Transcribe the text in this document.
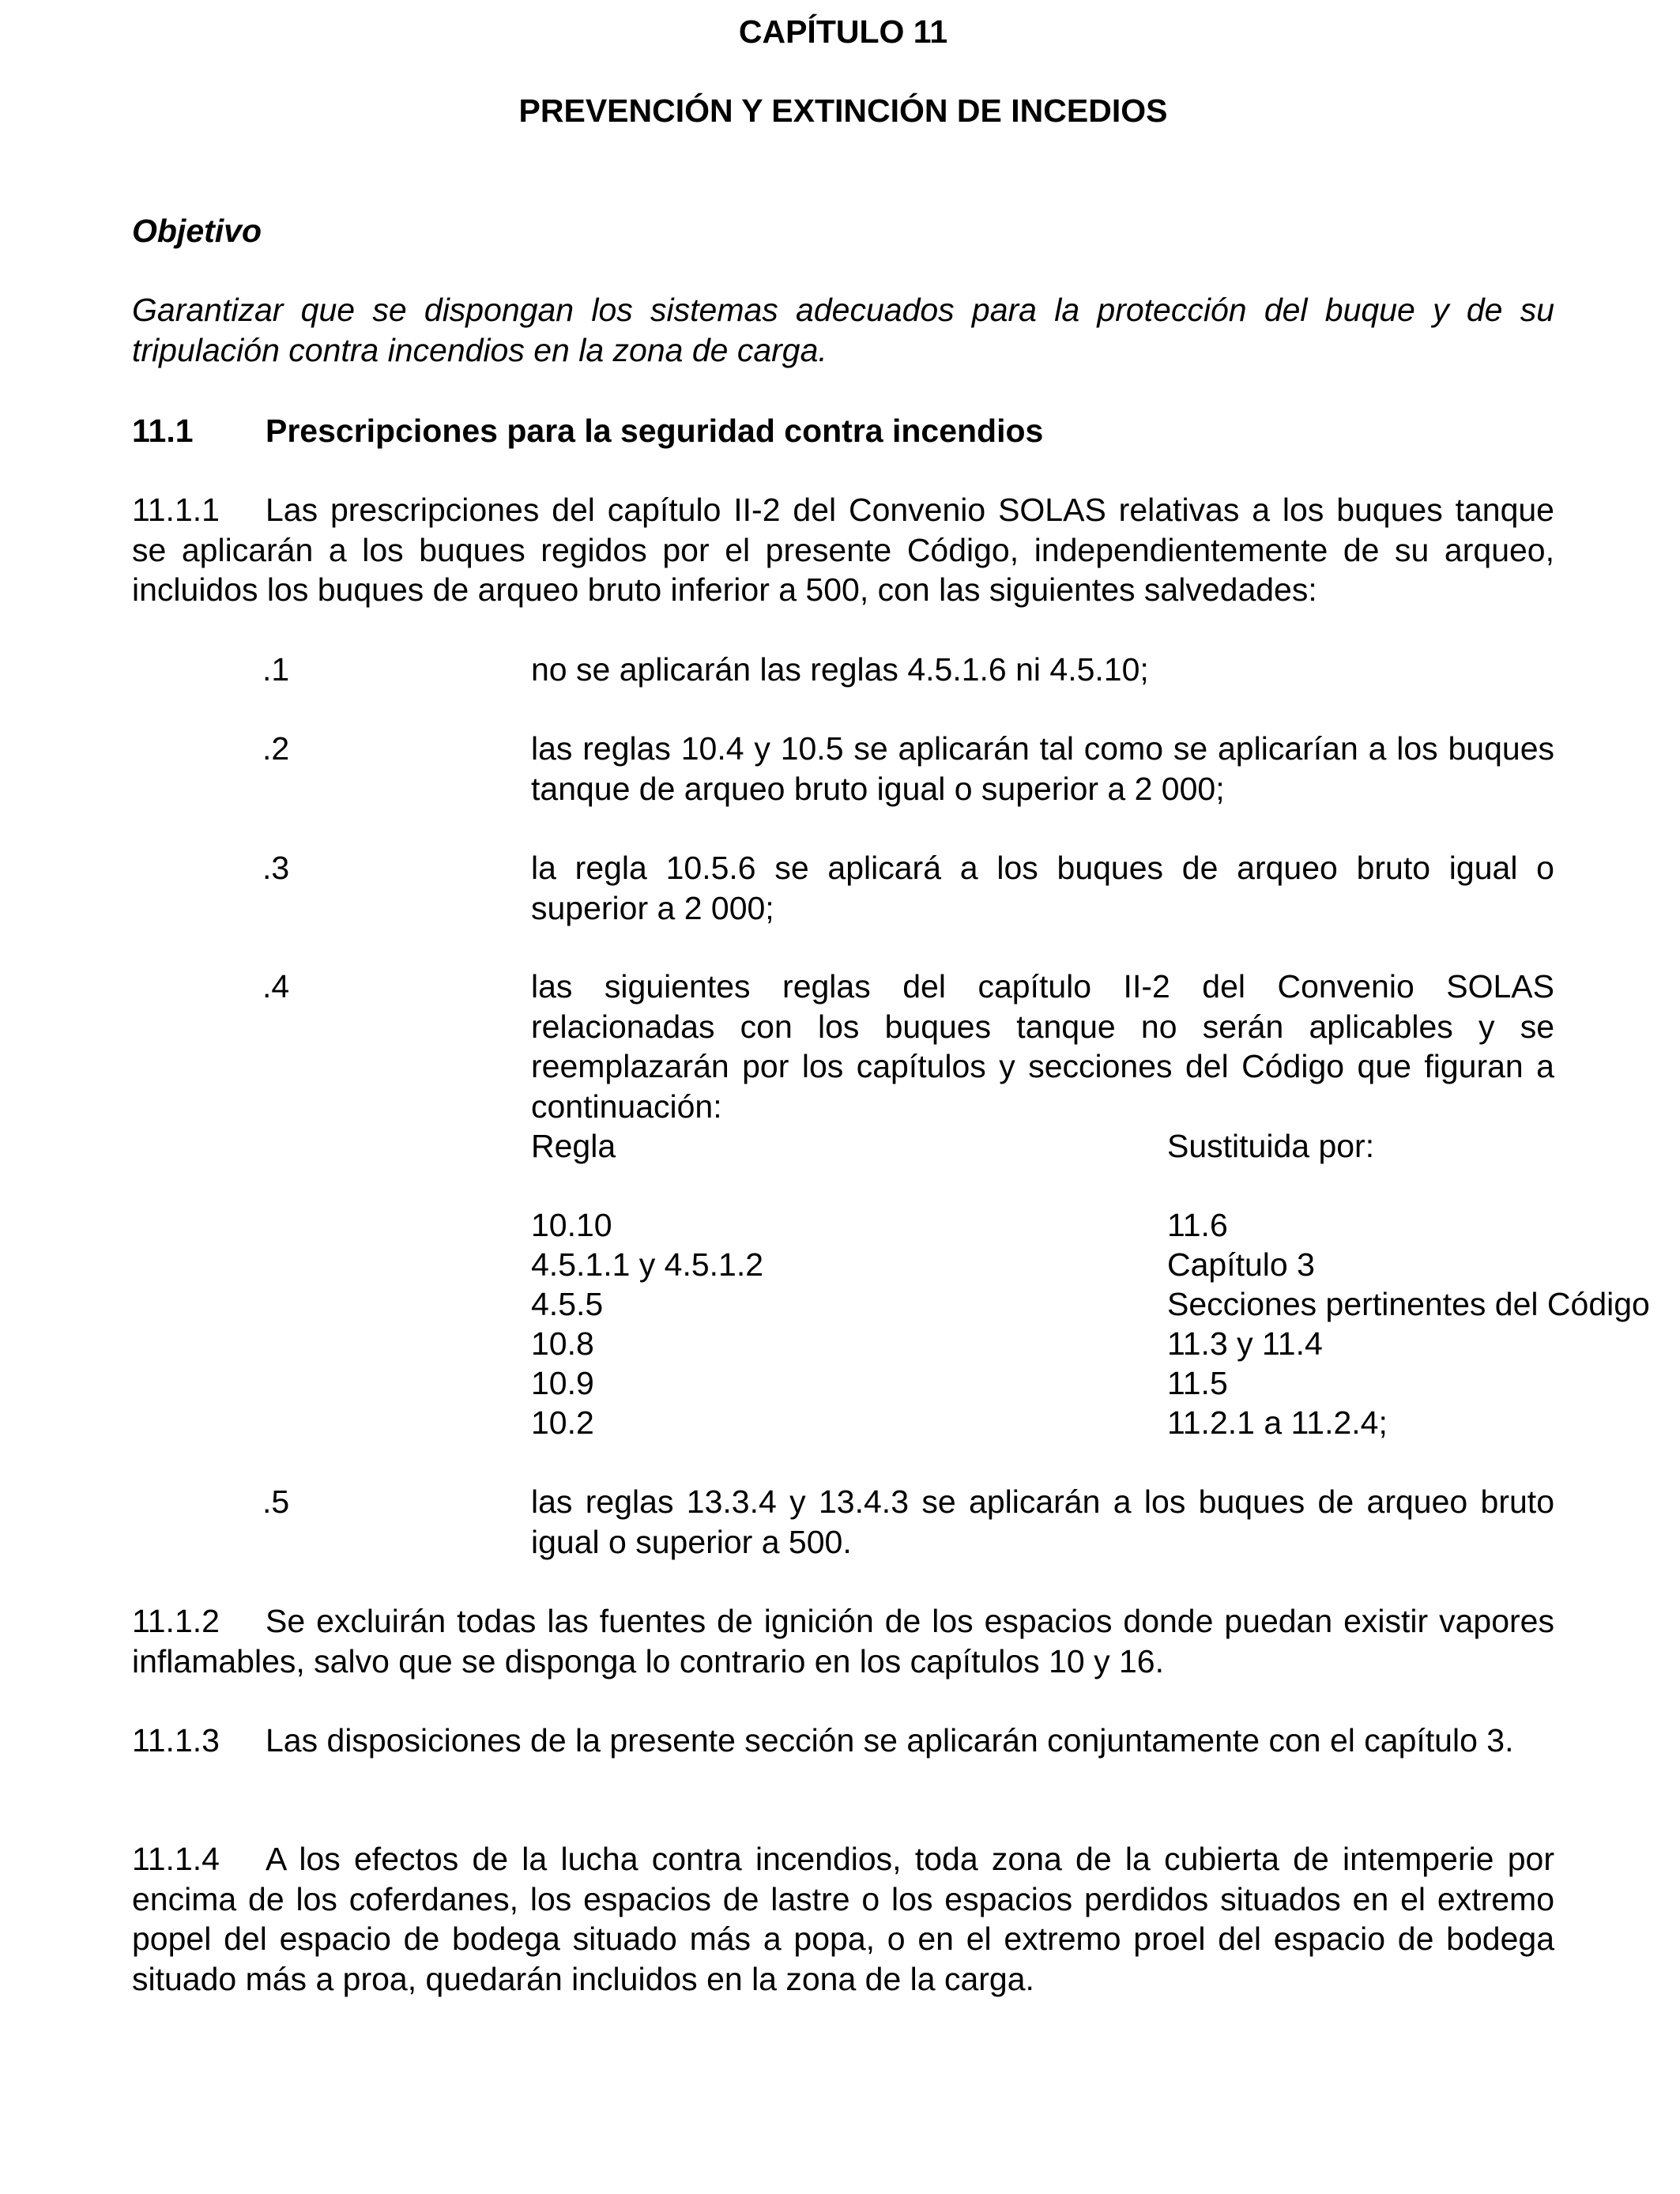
CAPÍTULO 11

PREVENCIÓN Y EXTINCIÓN DE INCEDIOS

Objetivo

Garantizar que se dispongan los sistemas adecuados para la protección del buque y de su tripulación contra incendios en la zona de carga.

11.1 Prescripciones para la seguridad contra incendios

11.1.1 Las prescripciones del capítulo II-2 del Convenio SOLAS relativas a los buques tanque se aplicarán a los buques regidos por el presente Código, independientemente de su arqueo, incluidos los buques de arqueo bruto inferior a 500, con las siguientes salvedades:

.1	no se aplicarán las reglas 4.5.1.6 ni 4.5.10;
.2	las reglas 10.4 y 10.5 se aplicarán tal como se aplicarían a los buques tanque de arqueo bruto igual o superior a 2 000;
.3	la regla 10.5.6 se aplicará a los buques de arqueo bruto igual o superior a 2 000;
.4	las siguientes reglas del capítulo II-2 del Convenio SOLAS relacionadas con los buques tanque no serán aplicables y se reemplazarán por los capítulos y secciones del Código que figuran a continuación:
Regla	Sustituida por:
10.10	11.6
4.5.1.1 y 4.5.1.2	Capítulo 3
4.5.5	Secciones pertinentes del Código
10.8	11.3 y 11.4
10.9	11.5
10.2	11.2.1 a 11.2.4;
.5	las reglas 13.3.4 y 13.4.3 se aplicarán a los buques de arqueo bruto igual o superior a 500.

11.1.2 Se excluirán todas las fuentes de ignición de los espacios donde puedan existir vapores inflamables, salvo que se disponga lo contrario en los capítulos 10 y 16.

11.1.3 Las disposiciones de la presente sección se aplicarán conjuntamente con el capítulo 3.

11.1.4 A los efectos de la lucha contra incendios, toda zona de la cubierta de intemperie por encima de los coferdanes, los espacios de lastre o los espacios perdidos situados en el extremo popel del espacio de bodega situado más a popa, o en el extremo proel del espacio de bodega situado más a proa, quedarán incluidos en la zona de la carga.
